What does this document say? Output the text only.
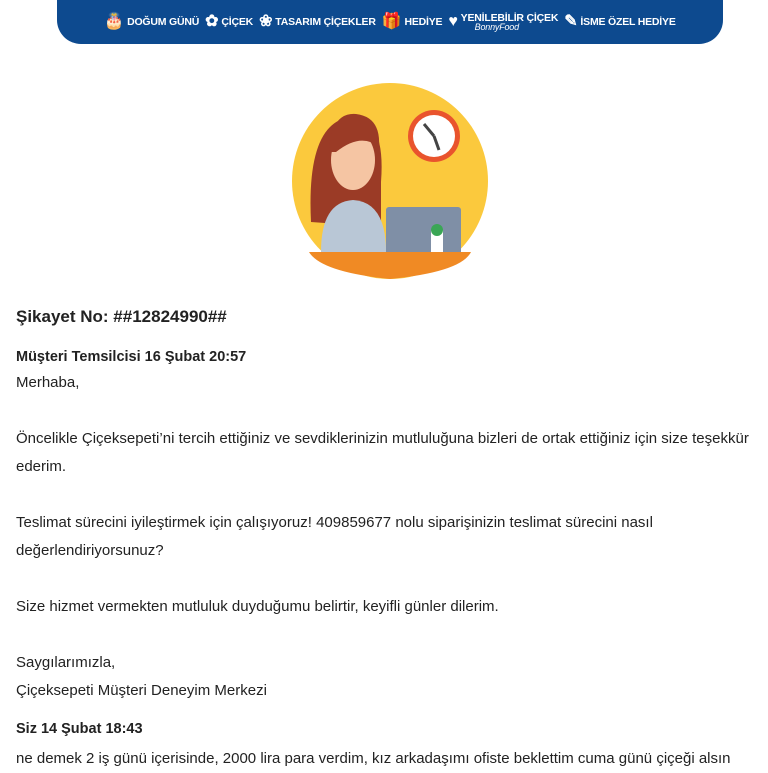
🎂 DOĞUM GÜNÜ ✿ ÇİÇEK ❀ TASARIM ÇİÇEKLER 🎁 HEDİYE ♥ YENİLEBİLİR ÇİÇEK
BonnyFood	✎ İSME ÖZEL HEDİYE
Şikayet No: ##12824990##
Müşteri Temsilcisi 16 Şubat 20:57

Merhaba,

Öncelikle Çiçeksepeti’ni tercih ettiğiniz ve sevdiklerinizin mutluluğuna bizleri de ortak ettiğiniz için size teşekkür ederim.

Teslimat sürecini iyileştirmek için çalışıyoruz! 409859677 nolu siparişinizin teslimat sürecini nasıl değerlendiriyorsunuz?

Size hizmet vermekten mutluluk duyduğumu belirtir, keyifli günler dilerim.

Saygılarımızla,

Çiçeksepeti Müşteri Deneyim Merkezi

Siz 14 Şubat 18:43

ne demek 2 iş günü içerisinde, 2000 lira para verdim, kız arkadaşımı ofiste beklettim cuma günü çiçeği alsın
